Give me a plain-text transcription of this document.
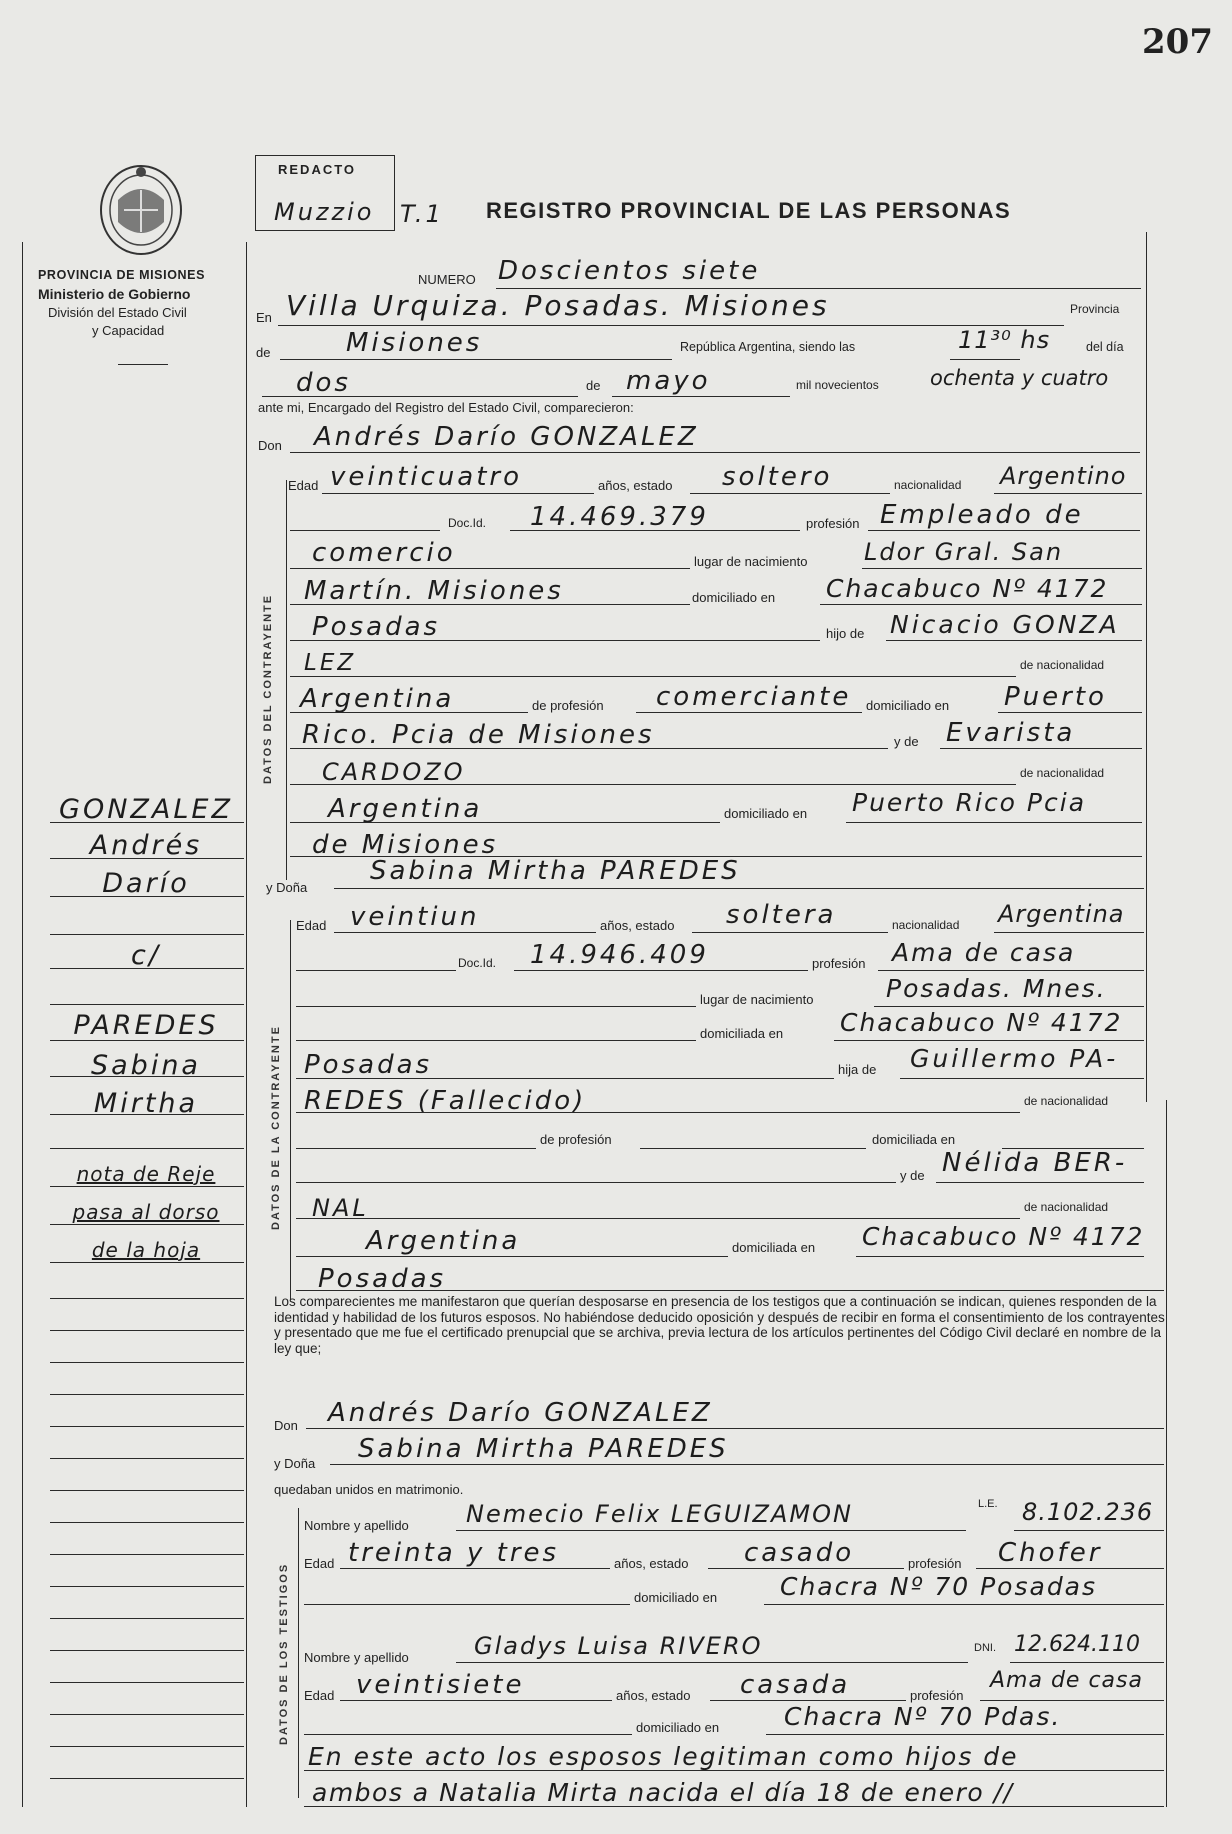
207
PROVINCIA DE MISIONES
Ministerio de Gobierno
División del Estado Civil
y Capacidad
REDACTO
Muzzio T.1 REGISTRO PROVINCIAL DE LAS PERSONAS
DATOS DEL CONTRAYENTE
DATOS DE LA CONTRAYENTE
DATOS DE LOS TESTIGOS
GONZALEZ
Andrés
Darío
c/
PAREDES
Sabina
Mirtha
nota de Reje
pasa al dorso
de la hoja
NUMERO Doscientos siete
En Villa Urquiza. Posadas. Misiones	Provincia
de	Misiones	República Argentina, siendo las	11³⁰ hs	del día
dos	de mayo	mil novecientos ochenta y cuatro
ante mi, Encargado del Registro del Estado Civil, comparecieron:
Don Andrés Darío GONZALEZ
Edad veinticuatro	años, estado soltero	nacionalidad Argentino
Doc.Id. 14.469.379	profesión Empleado de
comercio	lugar de nacimiento Ldor Gral. San
Martín. Misiones	domiciliado en Chacabuco Nº 4172
Posadas	hijo de Nicacio GONZA
LEZ	de nacionalidad
Argentina	de profesión comerciante domiciliado en Puerto
Rico. Pcia de Misiones	y de Evarista
CARDOZO	de nacionalidad
Argentina	domiciliado en Puerto Rico Pcia
de Misiones
y Doña
Sabina Mirtha PAREDES
Edad veintiun	años, estado soltera	nacionalidad Argentina
Doc.Id. 14.946.409	profesión Ama de casa
lugar de nacimiento	Posadas. Mnes.
domiciliada en Chacabuco Nº 4172
Posadas	hija de Guillermo PA-
REDES (Fallecido)	de nacionalidad
de profesión	domiciliada en
y de Nélida BER-
NAL	de nacionalidad
Argentina	domiciliada en Chacabuco Nº 4172
Posadas
Los comparecientes me manifestaron que querían desposarse en presencia de los testigos que a continuación se indican, quienes responden de la identidad y habilidad de los futuros esposos. No habiéndose deducido oposición y después de recibir en forma el consentimiento de los contrayentes y presentado que me fue el certificado prenupcial que se archiva, previa lectura de los artículos pertinentes del Código Civil declaré en nombre de la ley que;
Don Andrés Darío GONZALEZ
y Doña Sabina Mirtha PAREDES
quedaban unidos en matrimonio.
Nombre y apellido Nemecio Felix LEGUIZAMON	L.E. 8.102.236
Edad treinta y tres	años, estado casado	profesión Chofer
domiciliado en	Chacra Nº 70 Posadas
Nombre y apellido	Gladys Luisa RIVERO	DNI. 12.624.110
Edad veintisiete	años, estado casada	profesión
Ama de casa
domiciliado en	Chacra Nº 70 Pdas.
En este acto los esposos legitiman como hijos de
ambos a Natalia Mirta nacida el día 18 de enero //
